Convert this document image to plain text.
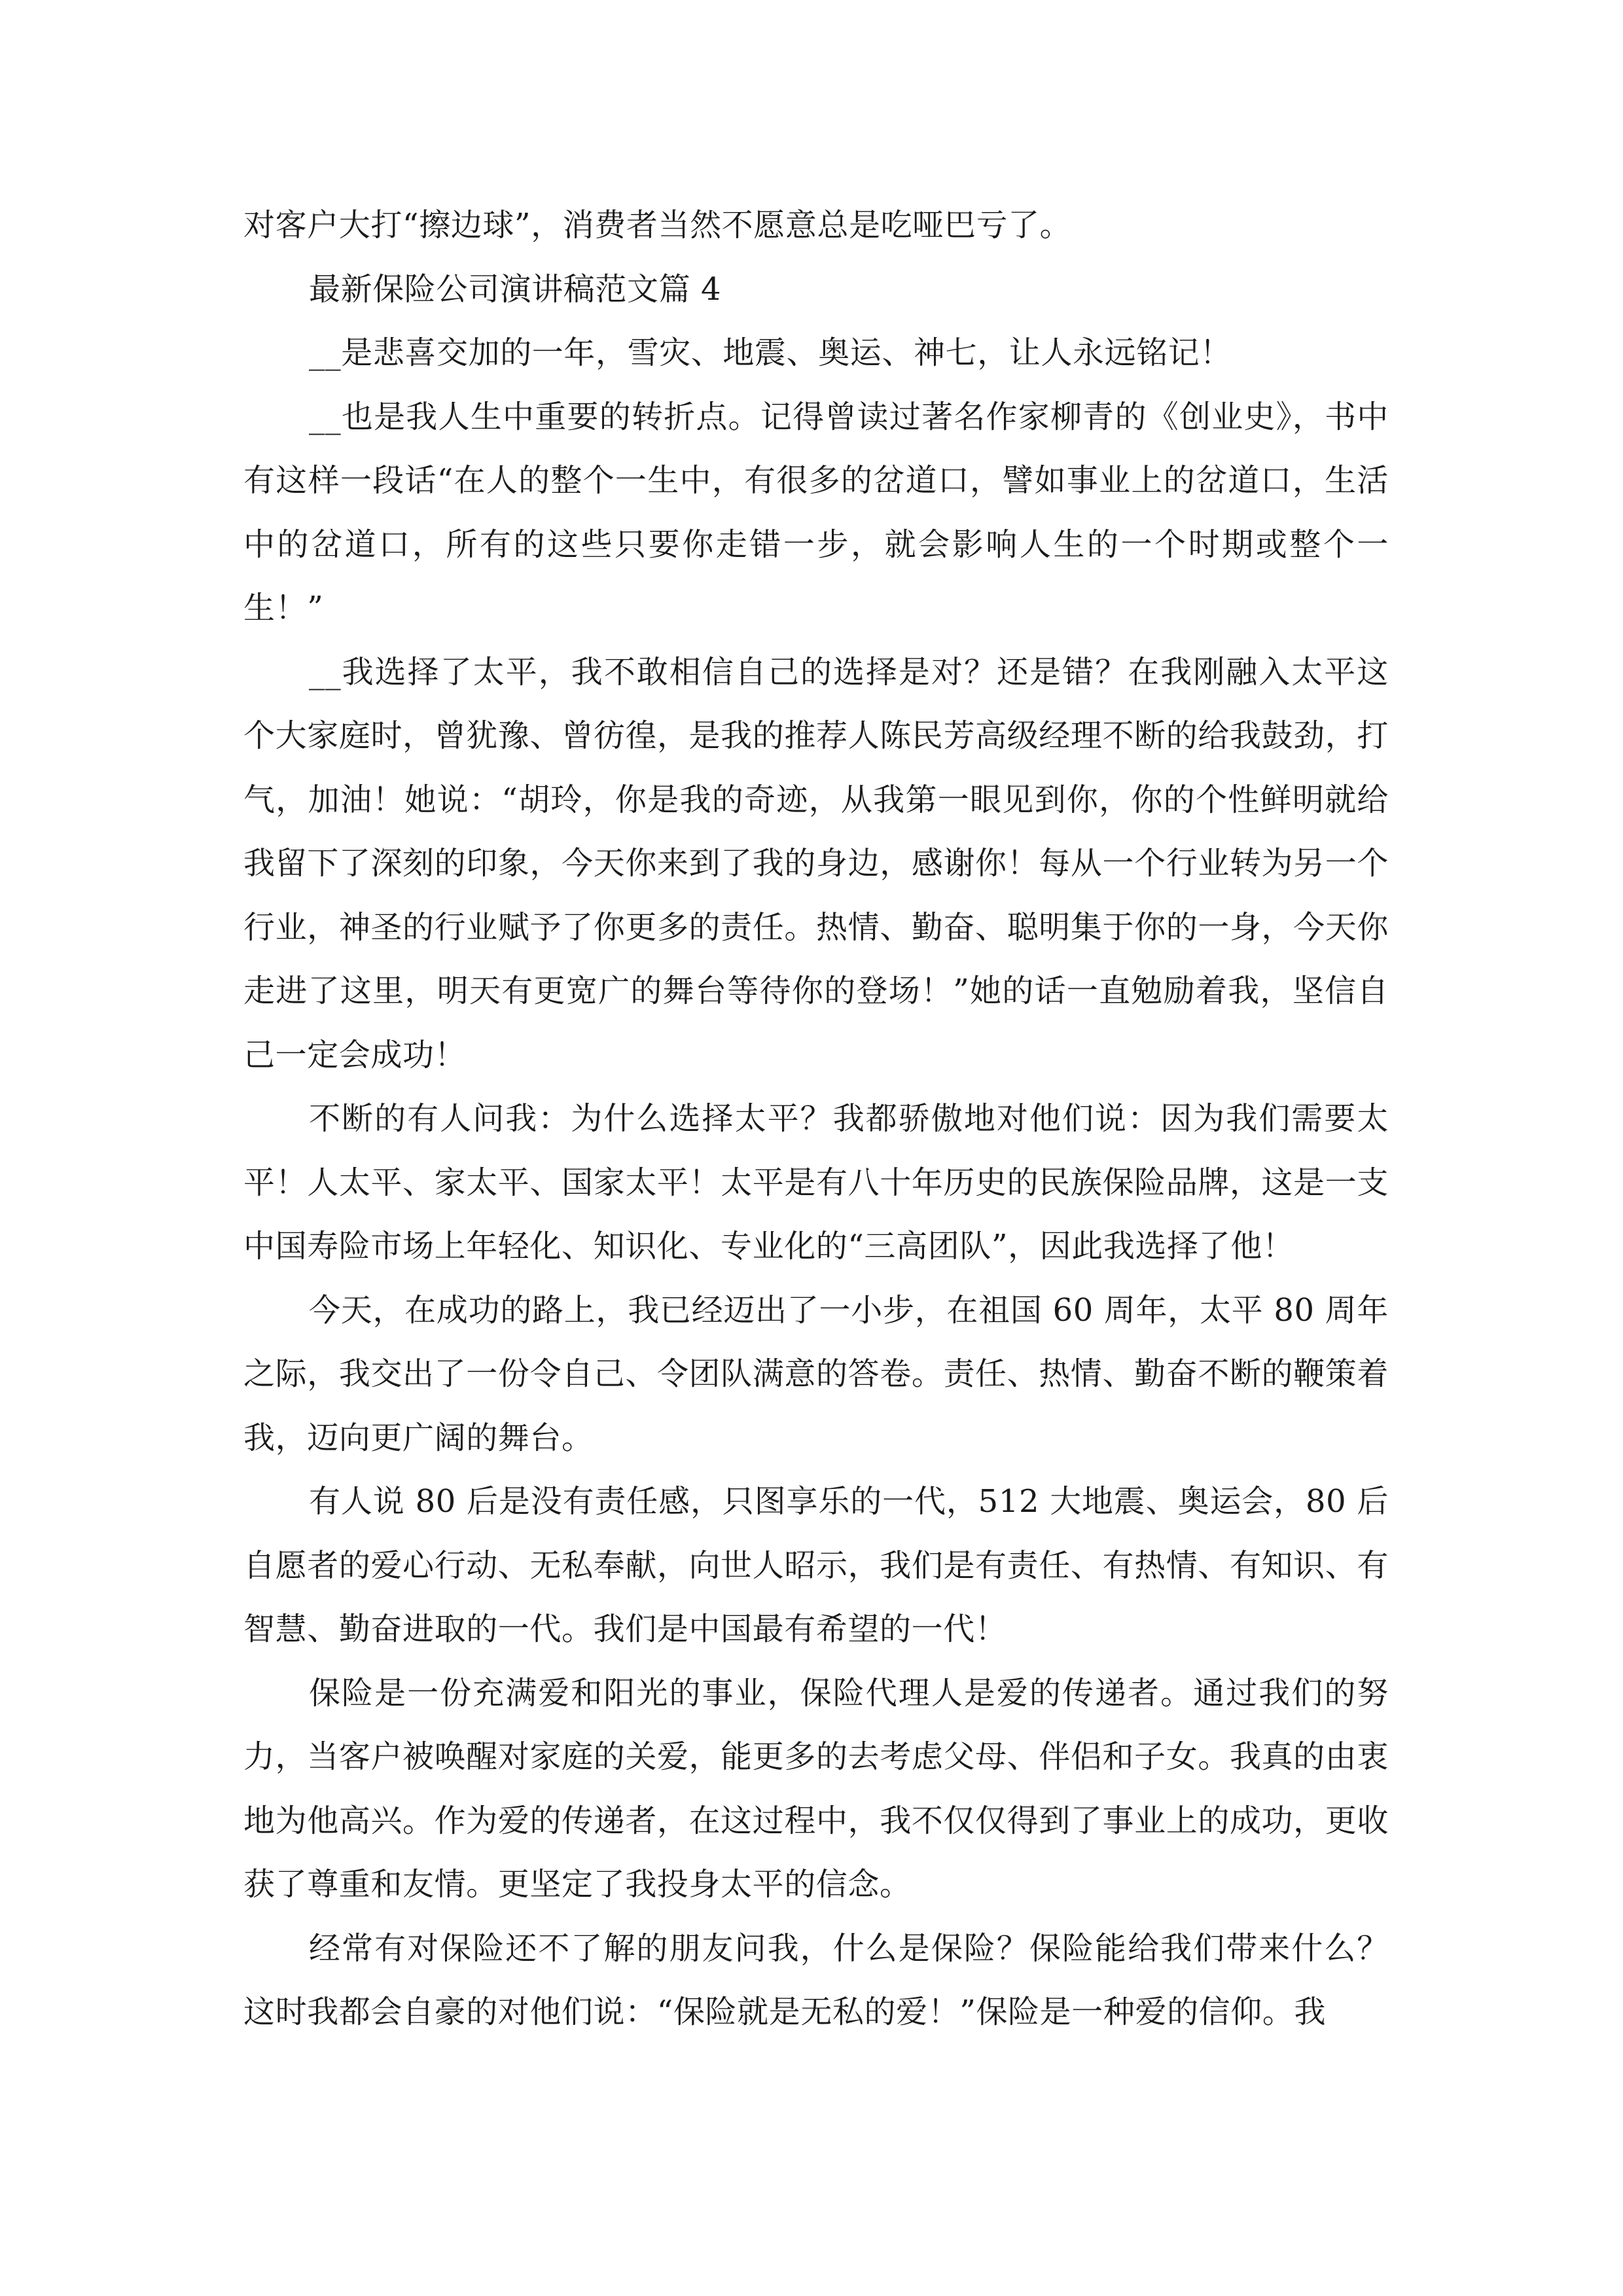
对客户大打“擦边球”，消费者当然不愿意总是吃哑巴亏了。

最新保险公司演讲稿范文篇 4

__是悲喜交加的一年，雪灾、地震、奥运、神七，让人永远铭记！

__也是我人生中重要的转折点。记得曾读过著名作家柳青的《创业史》，书中有这样一段话“在人的整个一生中，有很多的岔道口，譬如事业上的岔道口，生活中的岔道口，所有的这些只要你走错一步，就会影响人生的一个时期或整个一生！”

__我选择了太平，我不敢相信自己的选择是对？还是错？在我刚融入太平这个大家庭时，曾犹豫、曾彷徨，是我的推荐人陈民芳高级经理不断的给我鼓劲，打气，加油！她说：“胡玲，你是我的奇迹，从我第一眼见到你，你的个性鲜明就给我留下了深刻的印象，今天你来到了我的身边，感谢你！每从一个行业转为另一个行业，神圣的行业赋予了你更多的责任。热情、勤奋、聪明集于你的一身，今天你走进了这里，明天有更宽广的舞台等待你的登场！”她的话一直勉励着我，坚信自己一定会成功！

不断的有人问我：为什么选择太平？我都骄傲地对他们说：因为我们需要太平！人太平、家太平、国家太平！太平是有八十年历史的民族保险品牌，这是一支中国寿险市场上年轻化、知识化、专业化的“三高团队”，因此我选择了他！

今天，在成功的路上，我已经迈出了一小步，在祖国 60 周年，太平 80 周年之际，我交出了一份令自己、令团队满意的答卷。责任、热情、勤奋不断的鞭策着我，迈向更广阔的舞台。

有人说 80 后是没有责任感，只图享乐的一代，512 大地震、奥运会，80 后自愿者的爱心行动、无私奉献，向世人昭示，我们是有责任、有热情、有知识、有智慧、勤奋进取的一代。我们是中国最有希望的一代！

保险是一份充满爱和阳光的事业，保险代理人是爱的传递者。通过我们的努力，当客户被唤醒对家庭的关爱，能更多的去考虑父母、伴侣和子女。我真的由衷地为他高兴。作为爱的传递者，在这过程中，我不仅仅得到了事业上的成功，更收获了尊重和友情。更坚定了我投身太平的信念。

经常有对保险还不了解的朋友问我，什么是保险？保险能给我们带来什么？这时我都会自豪的对他们说：“保险就是无私的爱！”保险是一种爱的信仰。我
